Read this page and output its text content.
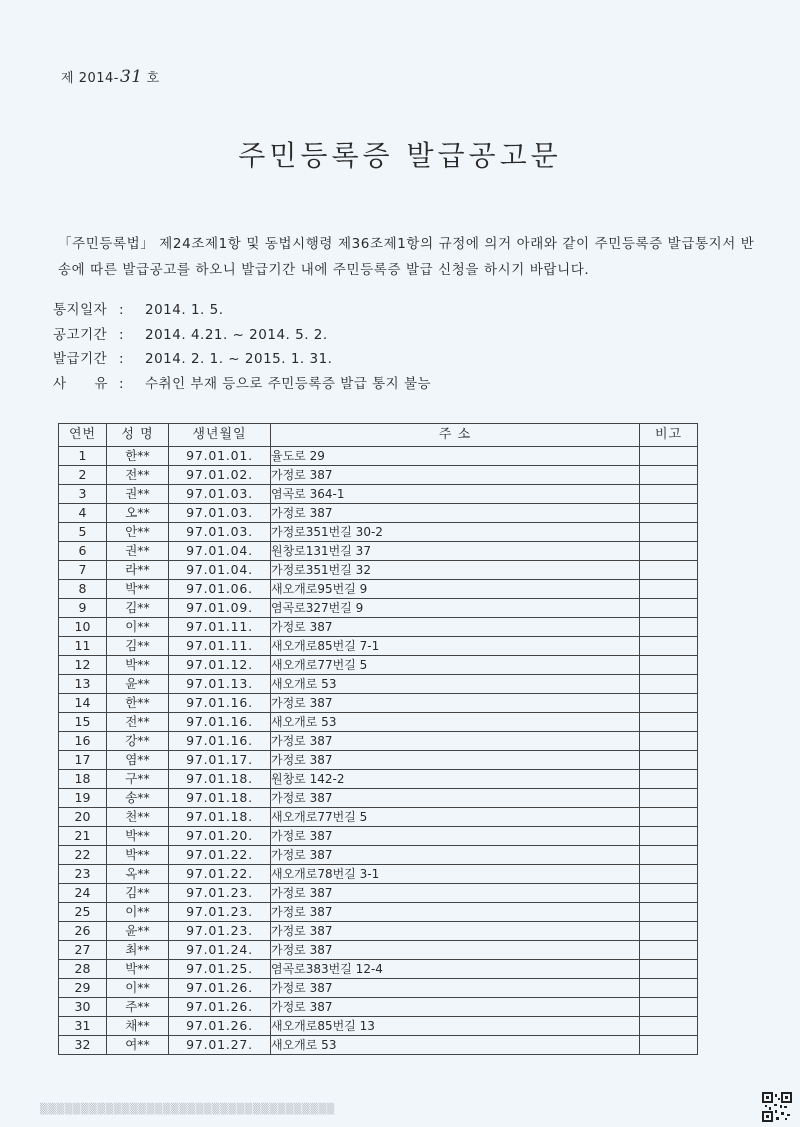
제 2014-31 호
주민등록증 발급공고문

「주민등록법」 제24조제1항 및 동법시행령 제36조제1항의 규정에 의거 아래와 같이 주민등록증 발급통지서 반송에 따른 발급공고를 하오니 발급기간 내에 주민등록증 발급 신청을 하시기 바랍니다.

통지일자 : 2014. 1. 5.
공고기간 : 2014. 4.21. ~ 2014. 5. 2.
발급기간 : 2014. 2. 1. ~ 2015. 1. 31.
사　　유 : 수취인 부재 등으로 주민등록증 발급 통지 불능
연번	성 명	생년월일	주 소	비고
1	한**	97.01.01.	율도로 29	
2	전**	97.01.02.	가정로 387	
3	권**	97.01.03.	염곡로 364-1	
4	오**	97.01.03.	가정로 387	
5	안**	97.01.03.	가정로351번길 30-2	
6	권**	97.01.04.	원창로131번길 37	
7	라**	97.01.04.	가정로351번길 32	
8	박**	97.01.06.	새오개로95번길 9	
9	김**	97.01.09.	염곡로327번길 9	
10	이**	97.01.11.	가정로 387	
11	김**	97.01.11.	새오개로85번길 7-1	
12	박**	97.01.12.	새오개로77번길 5	
13	윤**	97.01.13.	새오개로 53	
14	한**	97.01.16.	가정로 387	
15	전**	97.01.16.	새오개로 53	
16	강**	97.01.16.	가정로 387	
17	염**	97.01.17.	가정로 387	
18	구**	97.01.18.	원창로 142-2	
19	송**	97.01.18.	가정로 387	
20	천**	97.01.18.	새오개로77번길 5	
21	박**	97.01.20.	가정로 387	
22	박**	97.01.22.	가정로 387	
23	옥**	97.01.22.	새오개로78번길 3-1	
24	김**	97.01.23.	가정로 387	
25	이**	97.01.23.	가정로 387	
26	윤**	97.01.23.	가정로 387	
27	최**	97.01.24.	가정로 387	
28	박**	97.01.25.	염곡로383번길 12-4	
29	이**	97.01.26.	가정로 387	
30	주**	97.01.26.	가정로 387	
31	채**	97.01.26.	새오개로85번길 13	
32	여**	97.01.27.	새오개로 53	
▒▒▒▒▒▒▒▒▒▒▒▒▒▒▒▒▒▒▒▒▒▒▒▒▒▒▒▒▒▒▒▒▒▒▒▒
